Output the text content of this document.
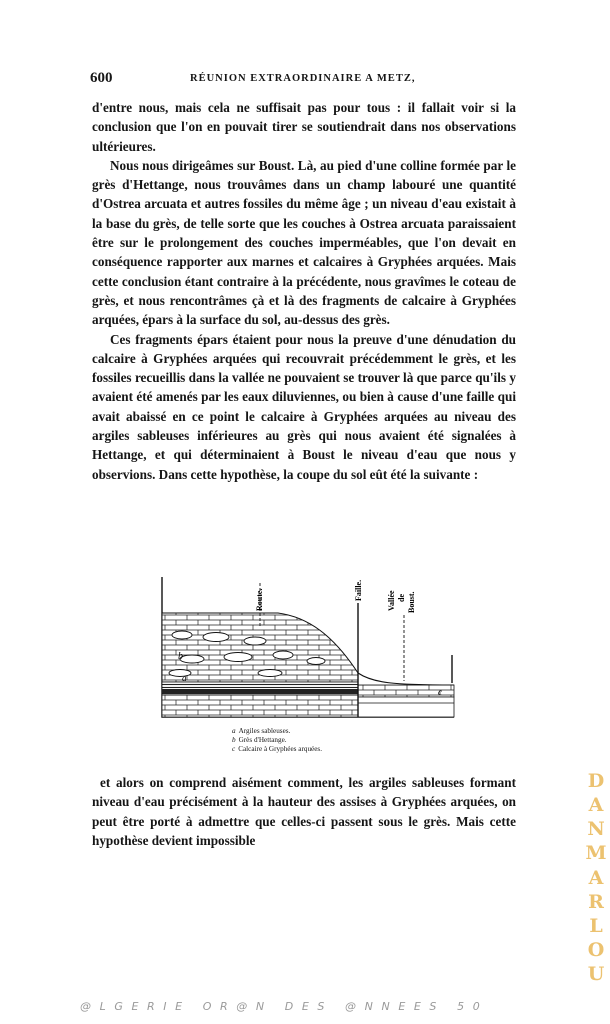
600	RÉUNION EXTRAORDINAIRE A METZ,

d'entre nous, mais cela ne suffisait pas pour tous : il fallait voir si la conclusion que l'on en pouvait tirer se soutiendrait dans nos observations ultérieures.

Nous nous dirigeâmes sur Boust. Là, au pied d'une colline formée par le grès d'Hettange, nous trouvâmes dans un champ labouré une quantité d'Ostrea arcuata et autres fossiles du même âge ; un niveau d'eau existait à la base du grès, de telle sorte que les couches à Ostrea arcuata paraissaient être sur le prolongement des couches imperméables, que l'on devait en conséquence rapporter aux marnes et calcaires à Gryphées arquées. Mais cette conclusion étant contraire à la précédente, nous gravîmes le coteau de grès, et nous rencontrâmes çà et là des fragments de calcaire à Gryphées arquées, épars à la surface du sol, au-dessus des grès.

Ces fragments épars étaient pour nous la preuve d'une dénudation du calcaire à Gryphées arquées qui recouvrait précédemment le grès, et les fossiles recueillis dans la vallée ne pouvaient se trouver là que parce qu'ils y avaient été amenés par les eaux diluviennes, ou bien à cause d'une faille qui avait abaissé en ce point le calcaire à Gryphées arquées au niveau des argiles sableuses inférieures au grès qui nous avaient été signalées à Hettange, et qui déterminaient à Boust le niveau d'eau que nous y observions. Dans cette hypothèse, la coupe du sol eût été la suivante :

Route.	Faille.	Vallée de Boust.
b
a
c
a Argiles sableuses.
b Grès d'Hettange.
c Calcaire à Gryphées arquées.

et alors on comprend aisément comment, les argiles sableuses formant niveau d'eau précisément à la hauteur des assises à Gryphées arquées, on peut être porté à admettre que celles-ci passent sous le grès. Mais cette hypothèse devient impossible

D
A
N
M
A
R
L
O
U
@LGERIE OR@N DES @NNEES 50
